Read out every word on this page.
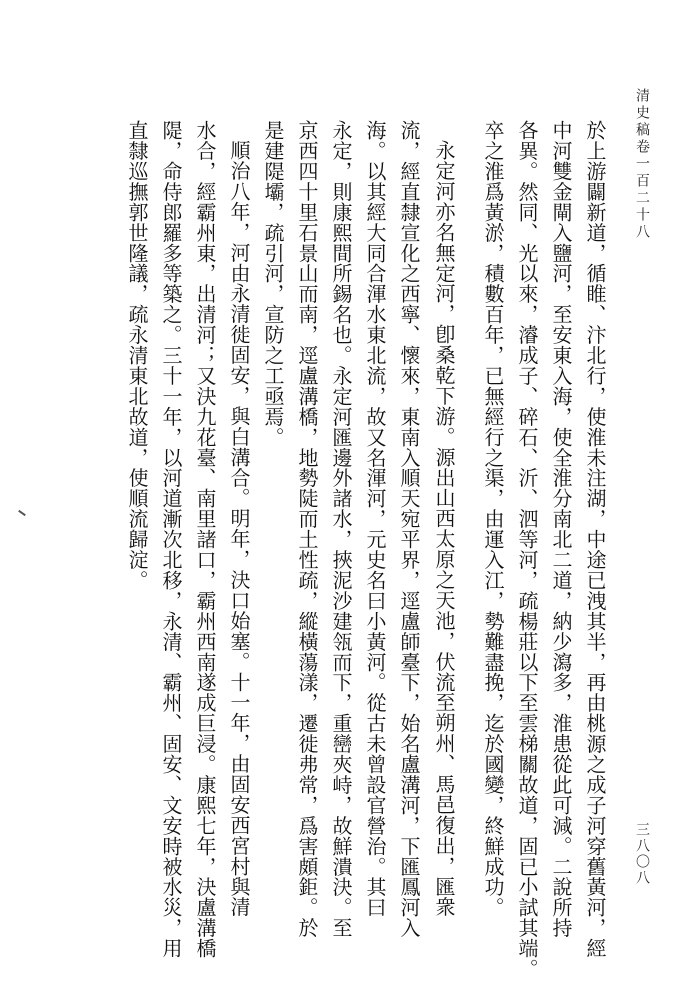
清史稿卷一百二十八
於上游闢新道，循睢、汴北行，使淮未注湖，中途已洩其半，再由桃源之成子河穿舊黃河，經
中河雙金閘入鹽河，至安東入海，使全淮分南北二道，納少瀉多，淮患從此可減。二說所持
各異。然同、光以來，濬成子、碎石、沂、泗等河，疏楊莊以下至雲梯關故道，固已小試其端。
卒之淮爲黃淤，積數百年，已無經行之渠，由運入江，勢難盡挽，迄於國變，終鮮成功。
永定河亦名無定河，卽桑乾下游。源出山西太原之天池，伏流至朔州、馬邑復出，匯衆
流，經直隸宣化之西寧、懷來，東南入順天宛平界，逕盧師臺下，始名盧溝河，下匯鳳河入
海。以其經大同合渾水東北流，故又名渾河，元史名曰小黃河。從古未曾設官營治。其曰
永定，則康熙間所錫名也。永定河匯邊外諸水，挾泥沙建瓴而下，重巒夾峙，故鮮潰決。至
京西四十里石景山而南，逕盧溝橋，地勢陡而土性疏，縱橫蕩漾，遷徙弗常，爲害頗鉅。於
是建隄壩，疏引河，宣防之工亟焉。
順治八年，河由永清徙固安，與白溝合。明年，決口始塞。十一年，由固安西宮村與清
水合，經霸州東，出清河；又決九花臺、南里諸口，霸州西南遂成巨浸。康熙七年，決盧溝橋
隄，命侍郎羅多等築之。三十一年，以河道漸次北移，永清、霸州、固安、文安時被水災，用
直隸巡撫郭世隆議，疏永清東北故道，使順流歸淀。
三八〇八
